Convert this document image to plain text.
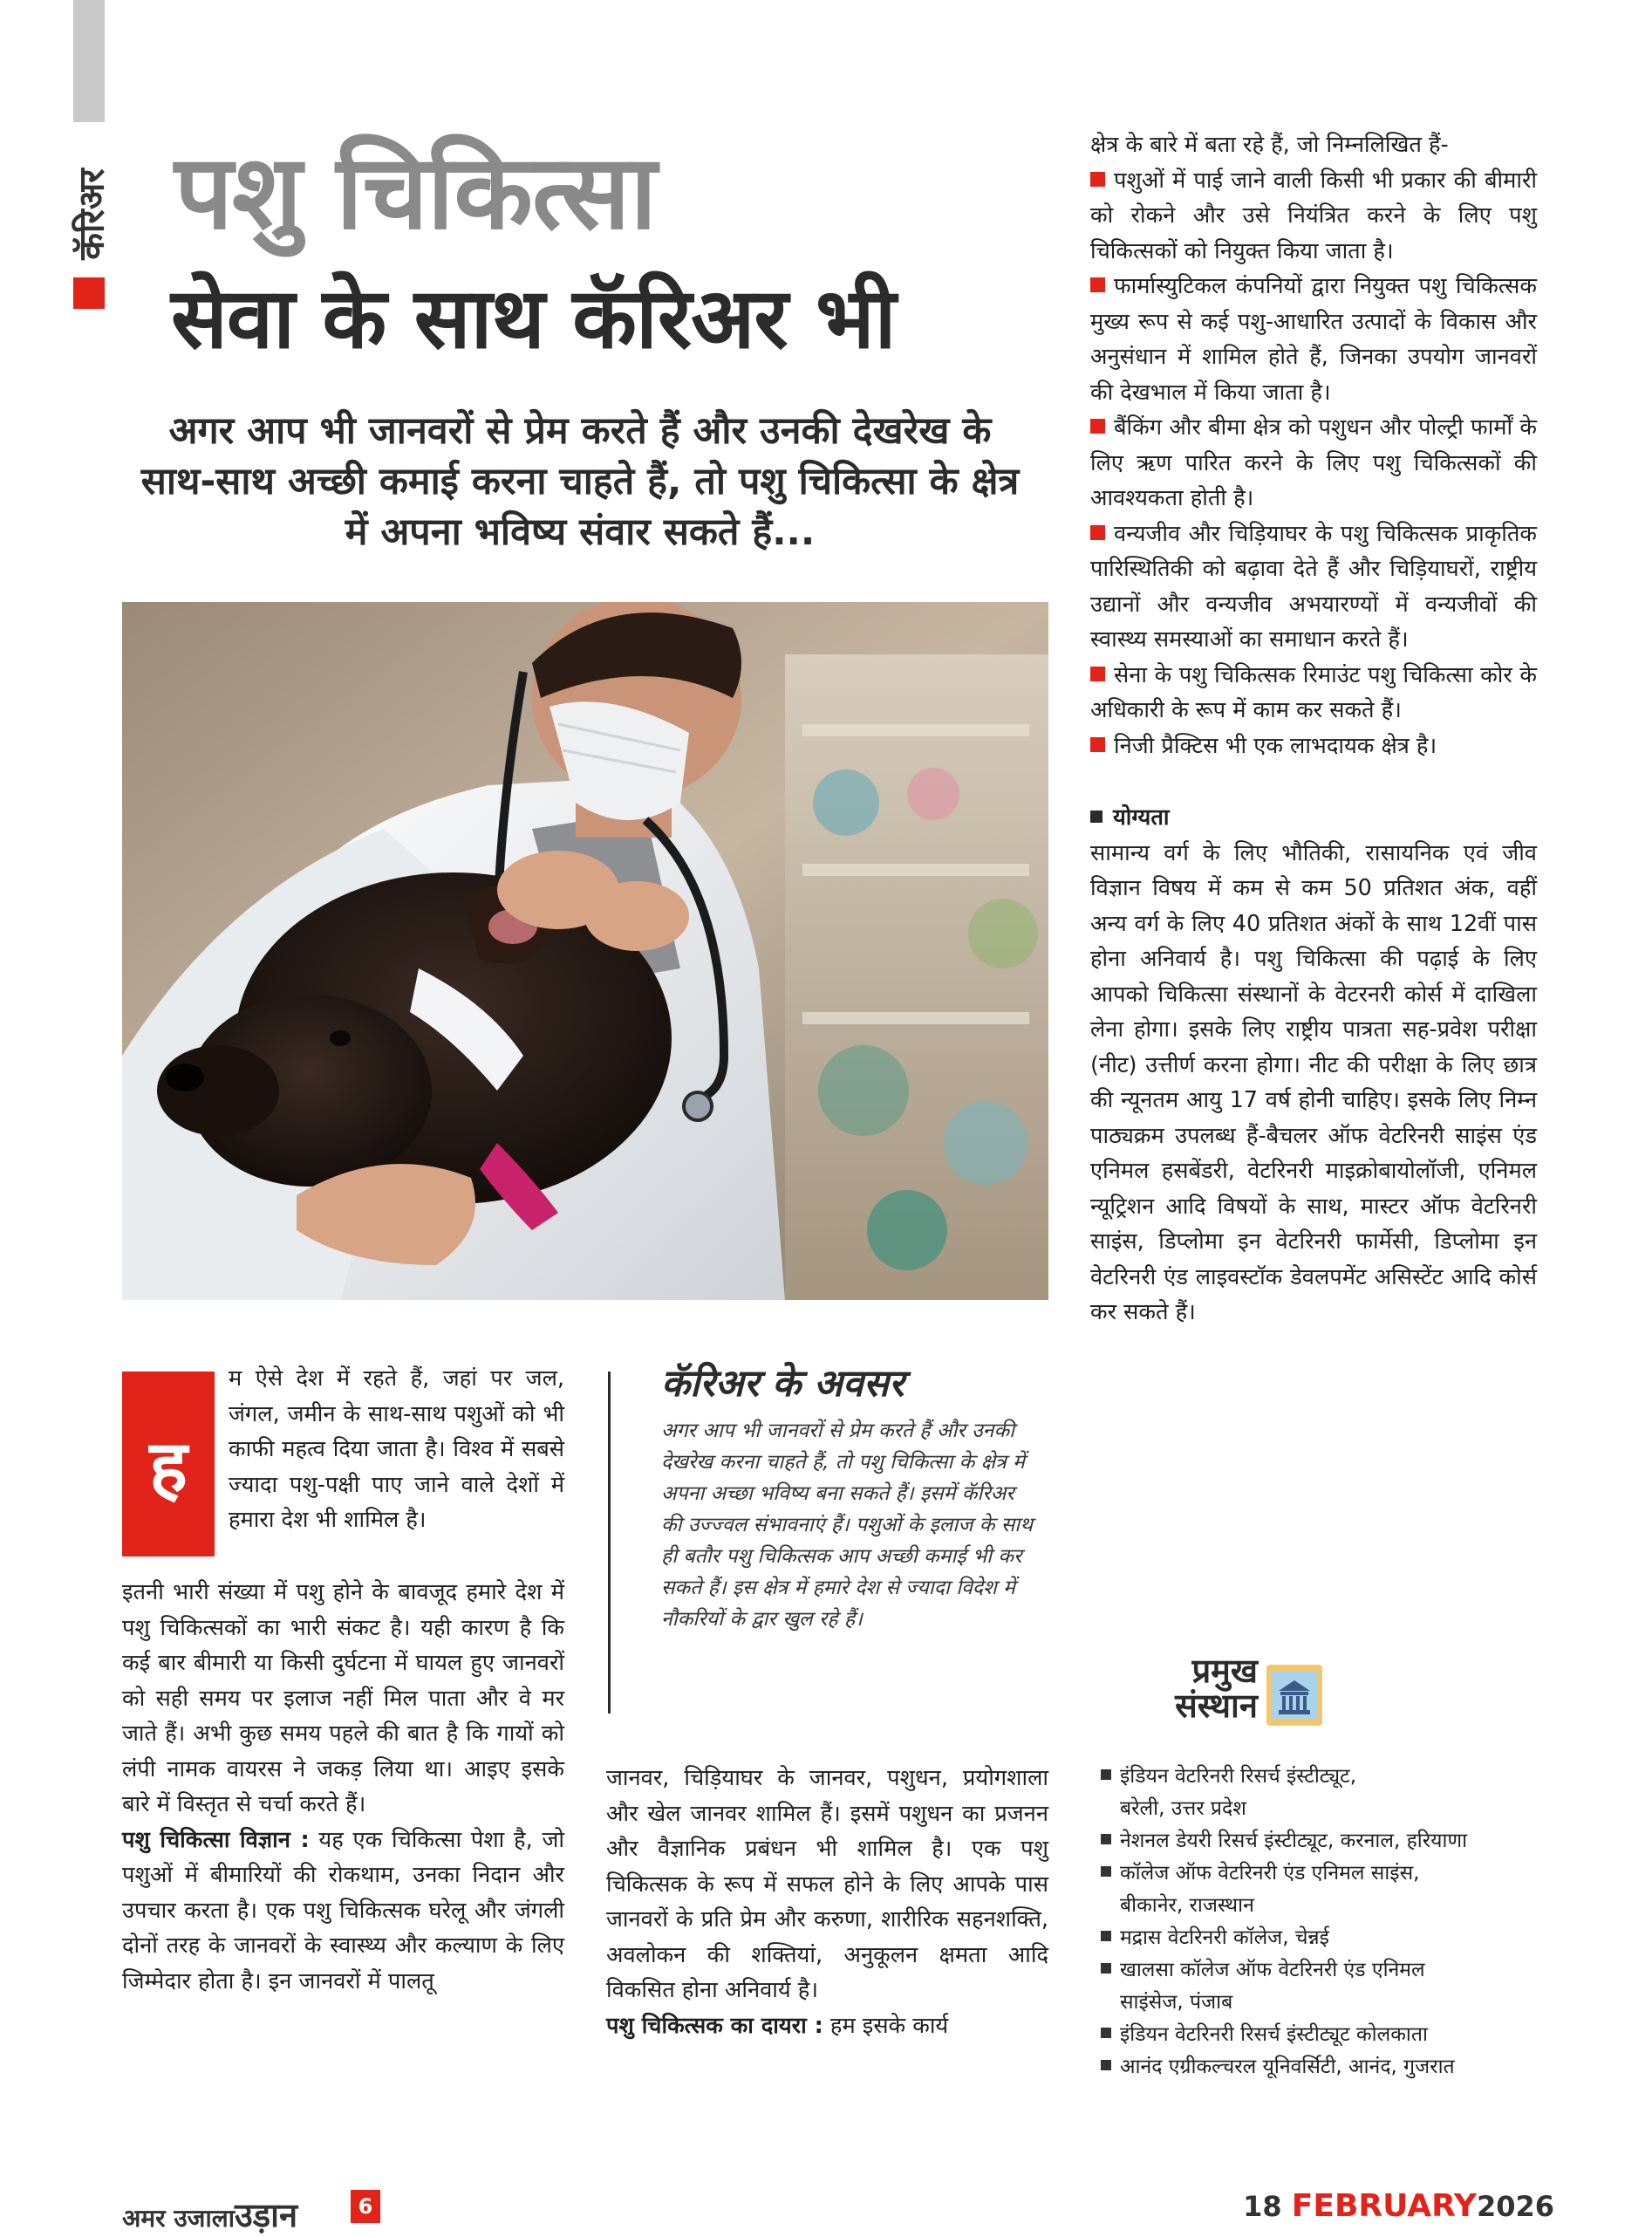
कॅरिअर पशु चिकित्सा
सेवा के साथ कॅरिअर भी
अगर आप भी जानवरों से प्रेम करते हैं और उनकी देखरेख के साथ-साथ अच्छी कमाई करना चाहते हैं, तो पशु चिकित्सा के क्षेत्र में अपना भविष्य संवार सकते हैं...
ह
म ऐसे देश में रहते हैं, जहां पर जल, जंगल, जमीन के साथ-साथ पशुओं को भी काफी महत्व दिया जाता है। विश्व में सबसे ज्यादा पशु-पक्षी पाए जाने वाले देशों में हमारा देश भी शामिल है।

इतनी भारी संख्या में पशु होने के बावजूद हमारे देश में पशु चिकित्सकों का भारी संकट है। यही कारण है कि कई बार बीमारी या किसी दुर्घटना में घायल हुए जानवरों को सही समय पर इलाज नहीं मिल पाता और वे मर जाते हैं। अभी कुछ समय पहले की बात है कि गायों को लंपी नामक वायरस ने जकड़ लिया था। आइए इसके बारे में विस्तृत से चर्चा करते हैं।

पशु चिकित्सा विज्ञान : यह एक चिकित्सा पेशा है, जो पशुओं में बीमारियों की रोकथाम, उनका निदान और उपचार करता है। एक पशु चिकित्सक घरेलू और जंगली दोनों तरह के जानवरों के स्वास्थ्य और कल्याण के लिए जिम्मेदार होता है। इन जानवरों में पालतू

कॅरिअर के अवसर
अगर आप भी जानवरों से प्रेम करते हैं और उनकी देखरेख करना चाहते हैं, तो पशु चिकित्सा के क्षेत्र में अपना अच्छा भविष्य बना सकते हैं। इसमें कॅरिअर की उज्ज्वल संभावनाएं हैं। पशुओं के इलाज के साथ ही बतौर पशु चिकित्सक आप अच्छी कमाई भी कर सकते हैं। इस क्षेत्र में हमारे देश से ज्यादा विदेश में नौकरियों के द्वार खुल रहे हैं।

जानवर, चिड़ियाघर के जानवर, पशुधन, प्रयोगशाला और खेल जानवर शामिल हैं। इसमें पशुधन का प्रजनन और वैज्ञानिक प्रबंधन भी शामिल है। एक पशु चिकित्सक के रूप में सफल होने के लिए आपके पास जानवरों के प्रति प्रेम और करुणा, शारीरिक सहनशक्ति, अवलोकन की शक्तियां, अनुकूलन क्षमता आदि विकसित होना अनिवार्य है।

पशु चिकित्सक का दायरा : हम इसके कार्य

क्षेत्र के बारे में बता रहे हैं, जो निम्नलिखित हैं-

पशुओं में पाई जाने वाली किसी भी प्रकार की बीमारी को रोकने और उसे नियंत्रित करने के लिए पशु चिकित्सकों को नियुक्त किया जाता है।

फार्मास्युटिकल कंपनियों द्वारा नियुक्त पशु चिकित्सक मुख्य रूप से कई पशु-आधारित उत्पादों के विकास और अनुसंधान में शामिल होते हैं, जिनका उपयोग जानवरों की देखभाल में किया जाता है।

बैंकिंग और बीमा क्षेत्र को पशुधन और पोल्ट्री फार्मों के लिए ऋण पारित करने के लिए पशु चिकित्सकों की आवश्यकता होती है।

वन्यजीव और चिड़ियाघर के पशु चिकित्सक प्राकृतिक पारिस्थितिकी को बढ़ावा देते हैं और चिड़ियाघरों, राष्ट्रीय उद्यानों और वन्यजीव अभयारण्यों में वन्यजीवों की स्वास्थ्य समस्याओं का समाधान करते हैं।

सेना के पशु चिकित्सक रिमाउंट पशु चिकित्सा कोर के अधिकारी के रूप में काम कर सकते हैं।

निजी प्रैक्टिस भी एक लाभदायक क्षेत्र है।

योग्यता

सामान्य वर्ग के लिए भौतिकी, रासायनिक एवं जीव विज्ञान विषय में कम से कम 50 प्रतिशत अंक, वहीं अन्य वर्ग के लिए 40 प्रतिशत अंकों के साथ 12वीं पास होना अनिवार्य है। पशु चिकित्सा की पढ़ाई के लिए आपको चिकित्सा संस्थानों के वेटरनरी कोर्स में दाखिला लेना होगा। इसके लिए राष्ट्रीय पात्रता सह-प्रवेश परीक्षा (नीट) उत्तीर्ण करना होगा। नीट की परीक्षा के लिए छात्र की न्यूनतम आयु 17 वर्ष होनी चाहिए। इसके लिए निम्न पाठ्यक्रम उपलब्ध हैं-बैचलर ऑफ वेटरिनरी साइंस एंड एनिमल हसबेंडरी, वेटरिनरी माइक्रोबायोलॉजी, एनिमल न्यूट्रिशन आदि विषयों के साथ, मास्टर ऑफ वेटरिनरी साइंस, डिप्लोमा इन वेटरिनरी फार्मेसी, डिप्लोमा इन वेटरिनरी एंड लाइवस्टॉक डेवलपमेंट असिस्टेंट आदि कोर्स कर सकते हैं।

प्रमुख
संस्थान
इंडियन वेटरिनरी रिसर्च इंस्टीट्यूट,
बरेली, उत्तर प्रदेश
नेशनल डेयरी रिसर्च इंस्टीट्यूट, करनाल, हरियाणा
कॉलेज ऑफ वेटरिनरी एंड एनिमल साइंस,
बीकानेर, राजस्थान
मद्रास वेटरिनरी कॉलेज, चेन्नई
खालसा कॉलेज ऑफ वेटरिनरी एंड एनिमल
साइंसेज, पंजाब
इंडियन वेटरिनरी रिसर्च इंस्टीट्यूट कोलकाता
आनंद एग्रीकल्चरल यूनिवर्सिटी, आनंद, गुजरात
अमर उजालाउड़ान	6	18 FEBRUARY2026
